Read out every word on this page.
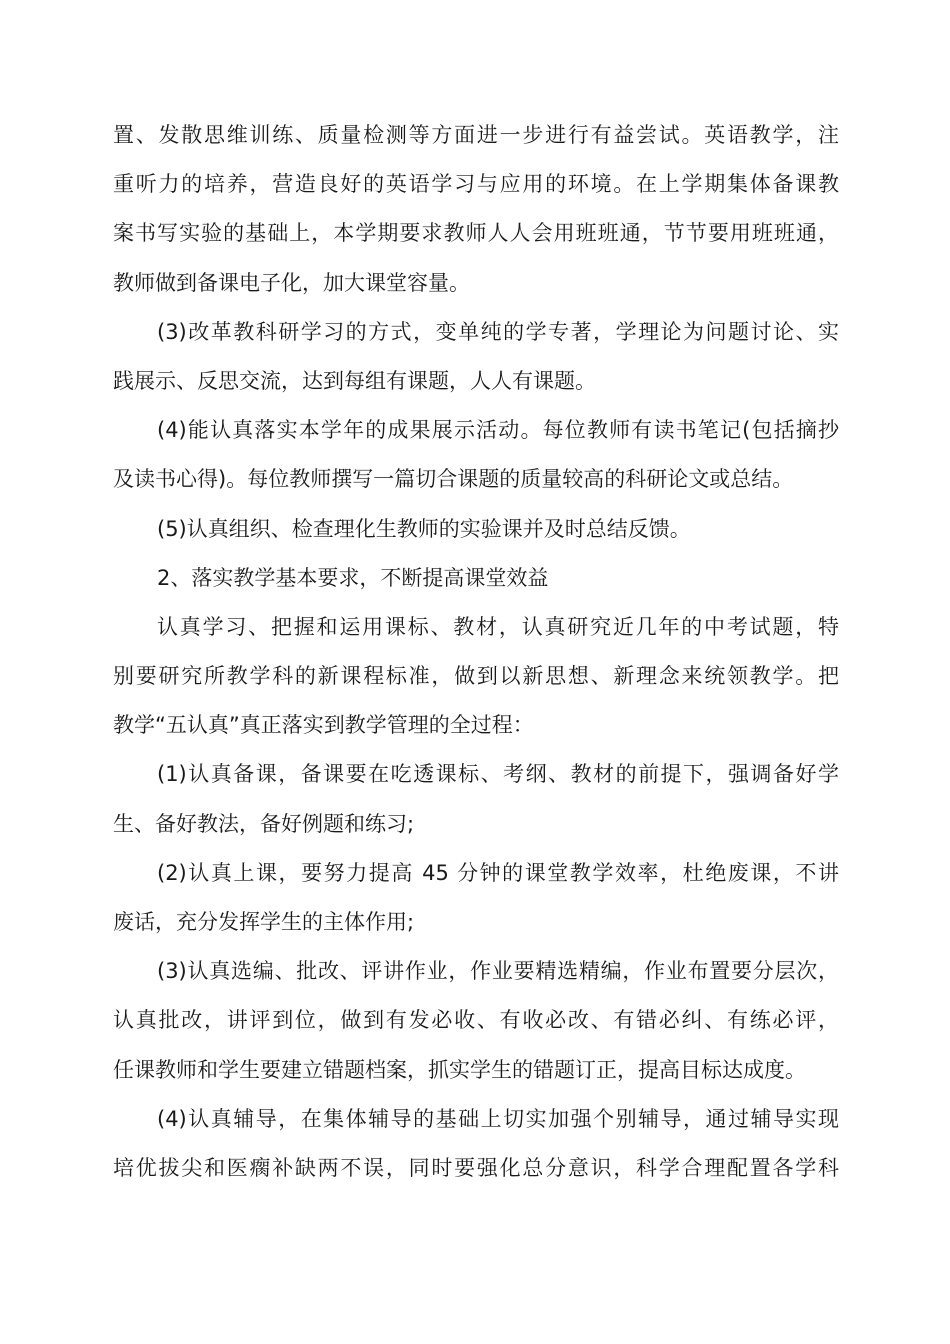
置、发散思维训练、质量检测等方面进一步进行有益尝试。英语教学，注
重听力的培养，营造良好的英语学习与应用的环境。在上学期集体备课教
案书写实验的基础上，本学期要求教师人人会用班班通，节节要用班班通，
教师做到备课电子化，加大课堂容量。
(3)改革教科研学习的方式，变单纯的学专著，学理论为问题讨论、实
践展示、反思交流，达到每组有课题，人人有课题。
(4)能认真落实本学年的成果展示活动。每位教师有读书笔记(包括摘抄
及读书心得)。每位教师撰写一篇切合课题的质量较高的科研论文或总结。
(5)认真组织、检查理化生教师的实验课并及时总结反馈。
2、落实教学基本要求，不断提高课堂效益
认真学习、把握和运用课标、教材，认真研究近几年的中考试题，特
别要研究所教学科的新课程标准，做到以新思想、新理念来统领教学。把
教学“五认真”真正落实到教学管理的全过程：
(1)认真备课，备课要在吃透课标、考纲、教材的前提下，强调备好学
生、备好教法，备好例题和练习;
(2)认真上课，要努力提高 45 分钟的课堂教学效率，杜绝废课，不讲
废话，充分发挥学生的主体作用;
(3)认真选编、批改、评讲作业，作业要精选精编，作业布置要分层次，
认真批改，讲评到位，做到有发必收、有收必改、有错必纠、有练必评，
任课教师和学生要建立错题档案，抓实学生的错题订正，提高目标达成度。
(4)认真辅导，在集体辅导的基础上切实加强个别辅导，通过辅导实现
培优拔尖和医瘸补缺两不误，同时要强化总分意识，科学合理配置各学科
